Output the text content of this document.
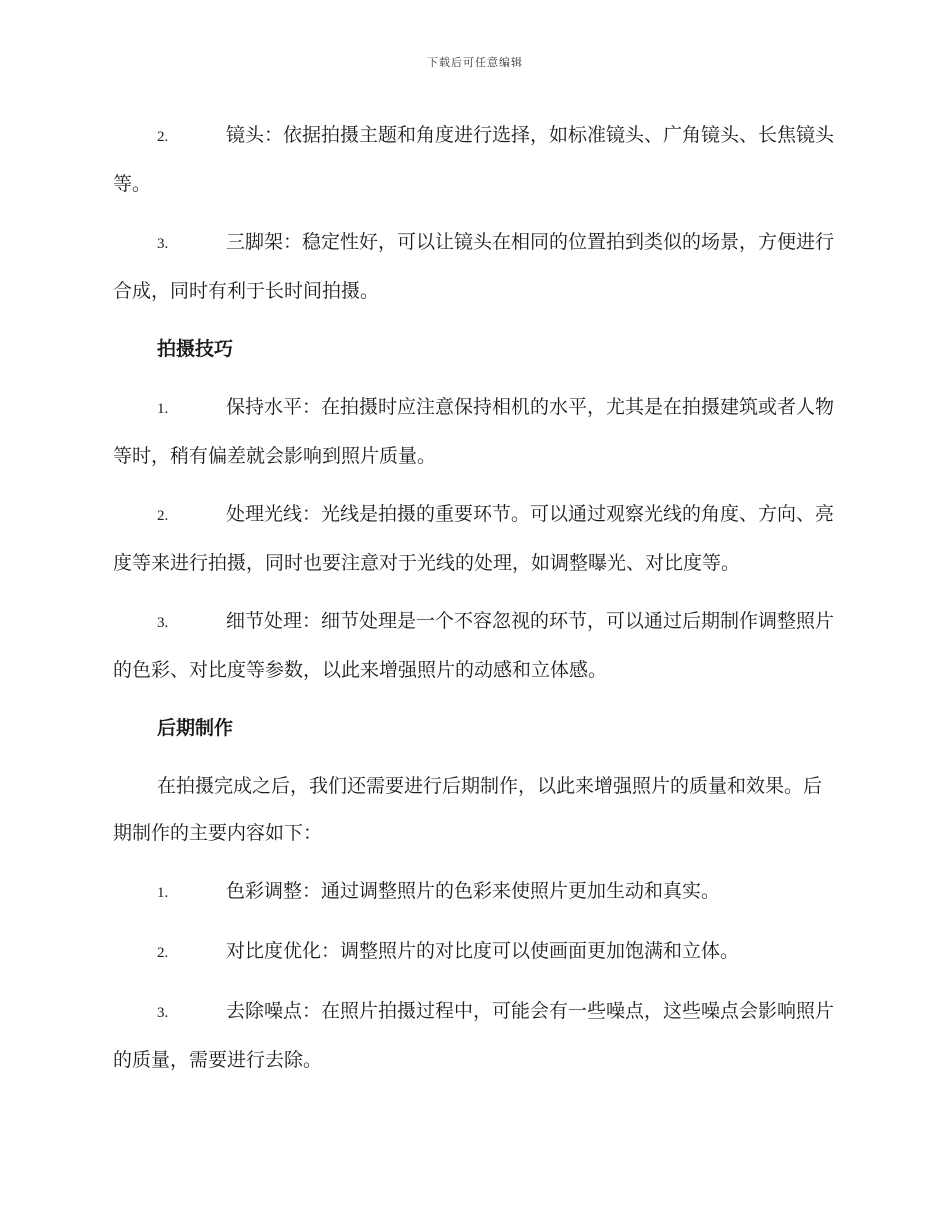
下载后可任意编辑
2.	镜头：依据拍摄主题和角度进行选择，如标准镜头、广角镜头、长焦镜头等。
3.	三脚架：稳定性好，可以让镜头在相同的位置拍到类似的场景，方便进行合成，同时有利于长时间拍摄。
拍摄技巧
1.	保持水平：在拍摄时应注意保持相机的水平，尤其是在拍摄建筑或者人物等时，稍有偏差就会影响到照片质量。
2.	处理光线：光线是拍摄的重要环节。可以通过观察光线的角度、方向、亮度等来进行拍摄，同时也要注意对于光线的处理，如调整曝光、对比度等。
3.	细节处理：细节处理是一个不容忽视的环节，可以通过后期制作调整照片的色彩、对比度等参数，以此来增强照片的动感和立体感。
后期制作
在拍摄完成之后，我们还需要进行后期制作，以此来增强照片的质量和效果。后期制作的主要内容如下：
1.	色彩调整：通过调整照片的色彩来使照片更加生动和真实。
2.	对比度优化：调整照片的对比度可以使画面更加饱满和立体。
3.	去除噪点：在照片拍摄过程中，可能会有一些噪点，这些噪点会影响照片的质量，需要进行去除。
